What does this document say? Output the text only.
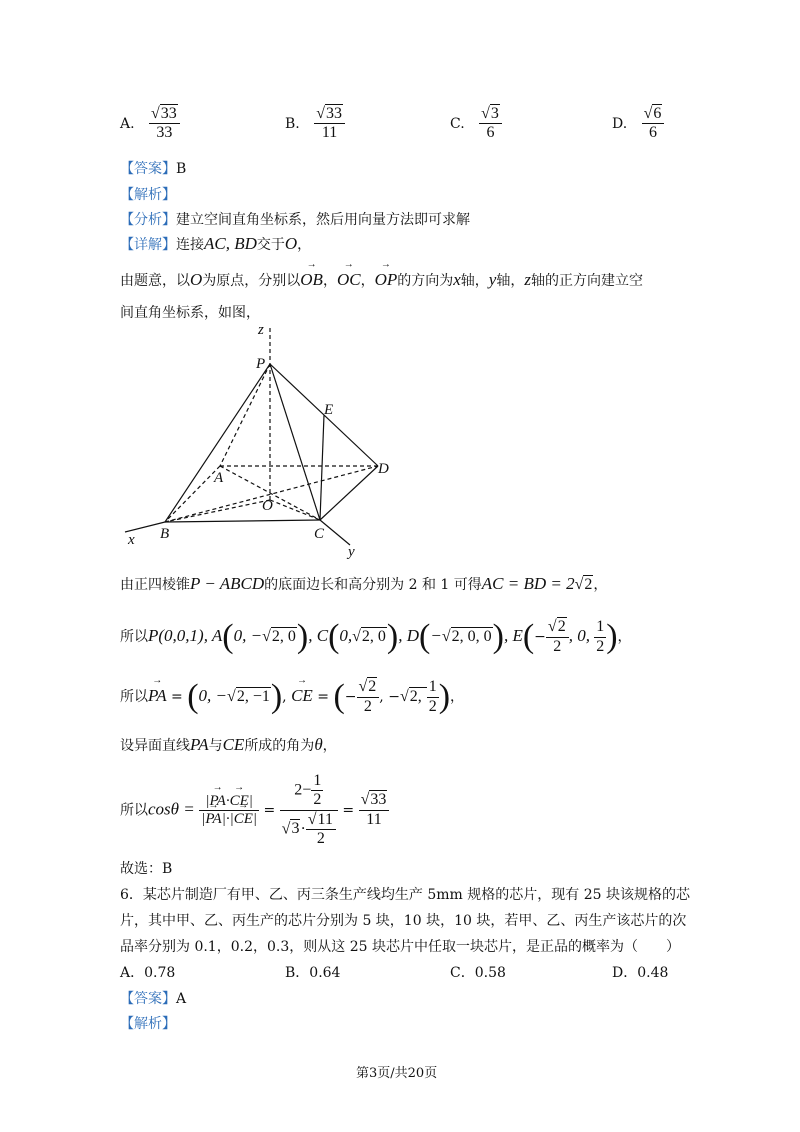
A. $\frac{√33}{33}$	B. $\frac{√33}{11}$	C. $\frac{√3}{6}$	D. $\frac{√6}{6}$
【答案】B
【解析】
【分析】建立空间直角坐标系，然后用向量方法即可求解
【详解】连接AC, BD交于O，
由题意，以O为原点，分别以→ OB，→ OC，→ OP的方向为x轴，y轴，z轴的正方向建立空
间直角坐标系，如图，
z
P
E
A
D
O
B	C
x
y
由正四棱锥P − ABCD的底面边长和高分别为 2 和 1 可得AC = BD = 2√2，
所以P(0,0,1), A(0, −√2, 0), C(0,√2, 0), D(−√2, 0, 0), $E(- \frac{√2}{2}$ , 0, $\frac{1}{2}$ )，
所以→ PA = (0, −√2, −1), → CE = (− $\frac{√2}{2}$ , −√2, $\frac{1}{2}$ )，
设异面直线PA与CE所成的角为θ，
所以$\cos\theta = \frac{|\to PA\cdot\to CE|}{|\to PA|\cdot|\to CE|} = \frac{2- \frac{1}{2}}{√3\cdot \frac{√11}{2}} = \frac{√33}{11}$
故选：B
6．某芯片制造厂有甲、乙、丙三条生产线均生产 5mm 规格的芯片，现有 25 块该规格的芯
片，其中甲、乙、丙生产的芯片分别为 5 块，10 块，10 块，若甲、乙、丙生产该芯片的次
品率分别为 0.1，0.2，0.3，则从这 25 块芯片中任取一块芯片，是正品的概率为（　　）
A．0.78	B．0.64	C．0.58	D．0.48
【答案】A
【解析】
第3页/共20页
